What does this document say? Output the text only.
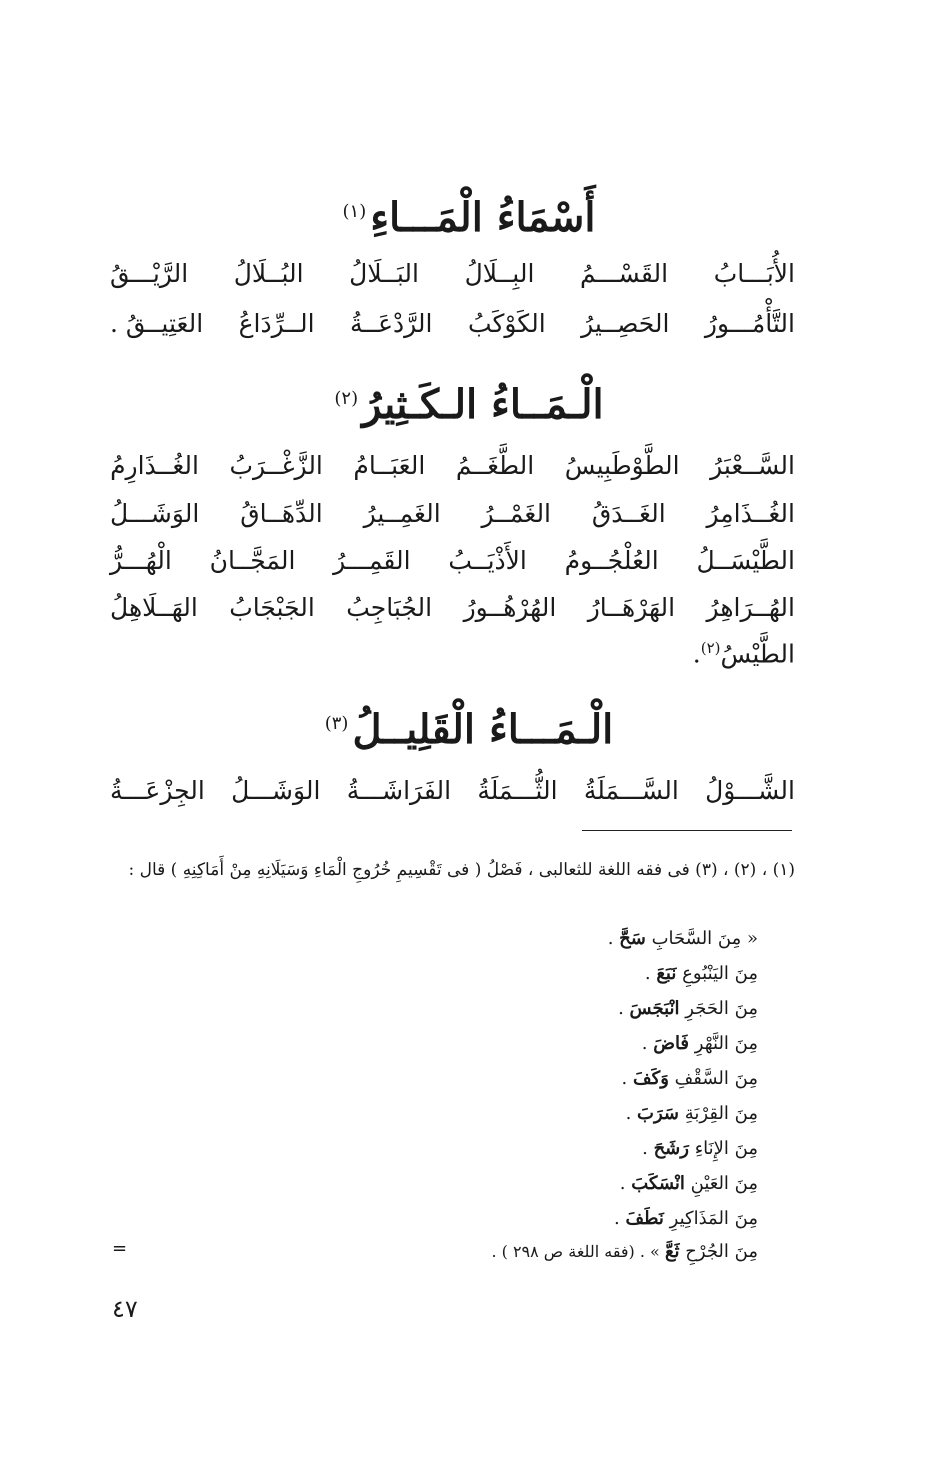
أَسْمَاءُ الْمَـــاءِ$^{(١)}$
الأُبَـــابُ
القَسْـــمُ
البِــلَالُ
البَــلَالُ
البُــلَالُ
الرَّيْـــقُ
التَّأْمُـــورُ
الحَصِــيرُ
الكَوْكَبُ
الرَّدْعَــةُ
الــرِّدَاعُ
العَتِيــقُ .
الْـمَــاءُ الـكَـثِيرُ$^{(٢)}$
السَّــعْبَرُ
الطَّوْطَبِيسُ
الطَّغَــمُ
العَبَــامُ
الزَّغْــرَبُ
الغُــذَارِمُ
الغُــذَامِرُ
الغَــدَقُ
الغَمْــرُ
الغَمِــيرُ
الدِّهَــاقُ
الوَشَـــلُ
الطَّيْسَــلُ
العُلْجُــومُ
الأَذْيَــبُ
القَمِـــرُ
المَجَّــانُ
الْهُـــرُّ
الهُــرَاهِرُ
الهَرْهَــارُ
الهُرْهُــورُ
الجُبَاجِبُ
الجَبْجَابُ
الهَــلَاهِلُ
الطَّيْسُ$^{(٢)}$.
الْـمَـــاءُ الْقَلِيــلُ$^{(٣)}$
الشَّـــوْلُ
السَّـــمَلَةُ
الثُّـــمَلَةُ
الفَرَاشَـــةُ
الوَشَـــلُ
الجِزْعَـــةُ
(١) ، (٢) ، (٣) فى فقه اللغة للثعالبى ، فَصْلُ ( فى تَقْسِيمِ خُرُوجِ الْمَاءِ وَسَيَلَانِهِ مِنْ أَمَاكِنِهِ ) قال :
« مِنَ السَّحَابِ سَحَّ .
مِنَ اليَنْبُوعِ نَبَعَ .
مِنَ الحَجَرِ انْبَجَسَ .
مِنَ النَّهْرِ فَاضَ .
مِنَ السَّقْفِ وَكَفَ .
مِنَ القِرْبَةِ سَرَبَ .
مِنَ الإِنَاءِ رَشَحَ .
مِنَ العَيْنِ انْسَكَبَ .
مِنَ المَذَاكِيرِ نَطَفَ .
مِنَ الجُرْحِ ثَعَّ » . (فقه اللغة ص ٢٩٨ ) .
=
٤٧
